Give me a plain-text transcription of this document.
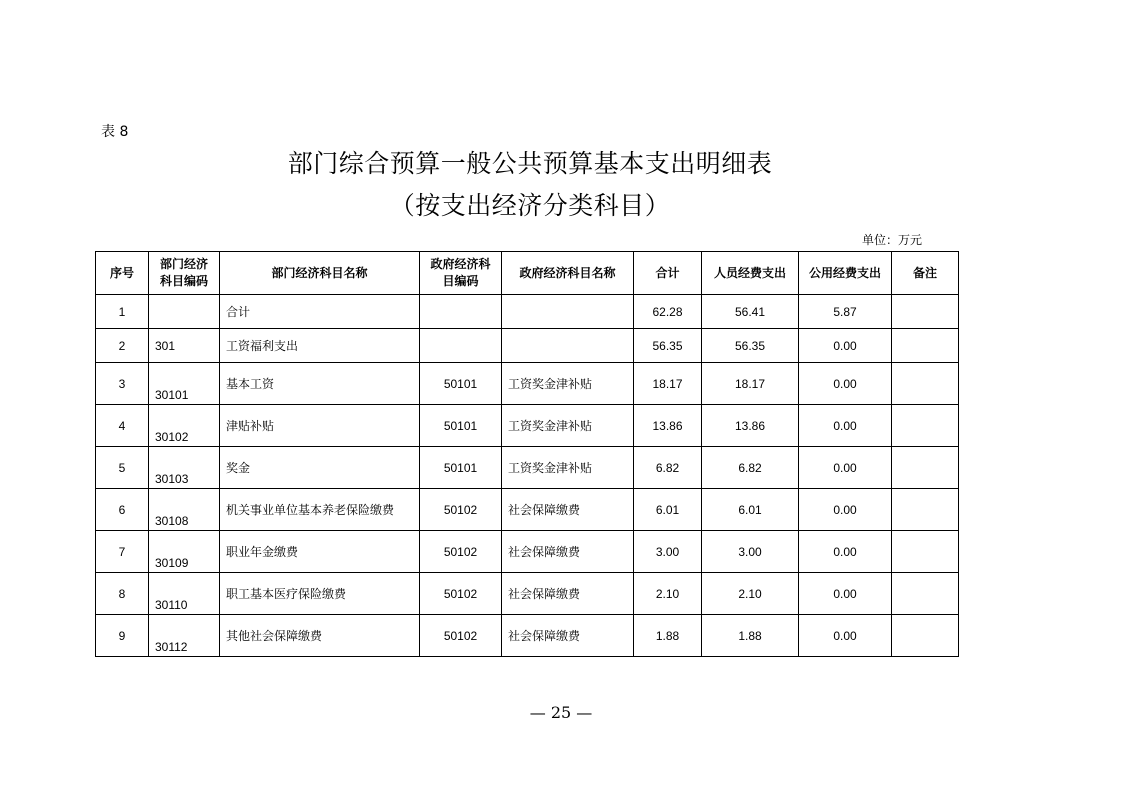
表 8
部门综合预算一般公共预算基本支出明细表
（按支出经济分类科目）
单位：万元
序号	部门经济科目编码	部门经济科目名称	政府经济科目编码	政府经济科目名称	合计	人员经费支出	公用经费支出	备注
1		合计			62.28	56.41	5.87	
2	301	工资福利支出			56.35	56.35	0.00	
3	30101	基本工资	50101	工资奖金津补贴	18.17	18.17	0.00	
4	30102	津贴补贴	50101	工资奖金津补贴	13.86	13.86	0.00	
5	30103	奖金	50101	工资奖金津补贴	6.82	6.82	0.00	
6	30108	机关事业单位基本养老保险缴费	50102	社会保障缴费	6.01	6.01	0.00	
7	30109	职业年金缴费	50102	社会保障缴费	3.00	3.00	0.00	
8	30110	职工基本医疗保险缴费	50102	社会保障缴费	2.10	2.10	0.00	
9	30112	其他社会保障缴费	50102	社会保障缴费	1.88	1.88	0.00	
— 25 —
